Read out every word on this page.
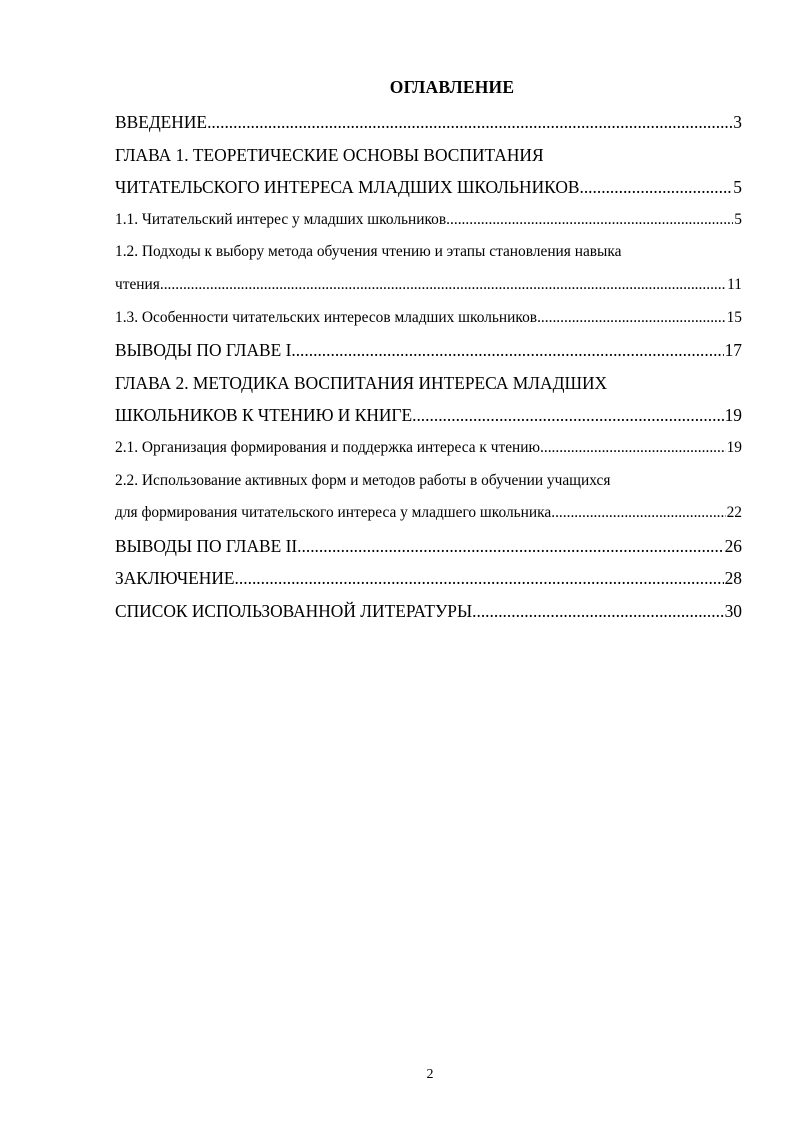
ОГЛАВЛЕНИЕ
ВВЕДЕНИЕ .....	3
ГЛАВА 1. ТЕОРЕТИЧЕСКИЕ ОСНОВЫ ВОСПИТАНИЯ
ЧИТАТЕЛЬСКОГО ИНТЕРЕСА МЛАДШИХ ШКОЛЬНИКОВ .....	5
1.1. Читательский интерес у младших школьников .....	5
1.2. Подходы к выбору метода обучения чтению и этапы становления навыка
чтения .....	11
1.3. Особенности читательских интересов младших школьников .....	15
ВЫВОДЫ ПО ГЛАВЕ I .....	17
ГЛАВА 2. МЕТОДИКА ВОСПИТАНИЯ ИНТЕРЕСА МЛАДШИХ
ШКОЛЬНИКОВ К ЧТЕНИЮ И КНИГЕ .....	19
2.1. Организация формирования и поддержка интереса к чтению .....	19
2.2. Использование активных форм и методов работы в обучении учащихся
для формирования читательского интереса у младшего школьника .....	22
ВЫВОДЫ ПО ГЛАВЕ II .....	26
ЗАКЛЮЧЕНИЕ .....	28
СПИСОК ИСПОЛЬЗОВАННОЙ ЛИТЕРАТУРЫ .....	30
2
